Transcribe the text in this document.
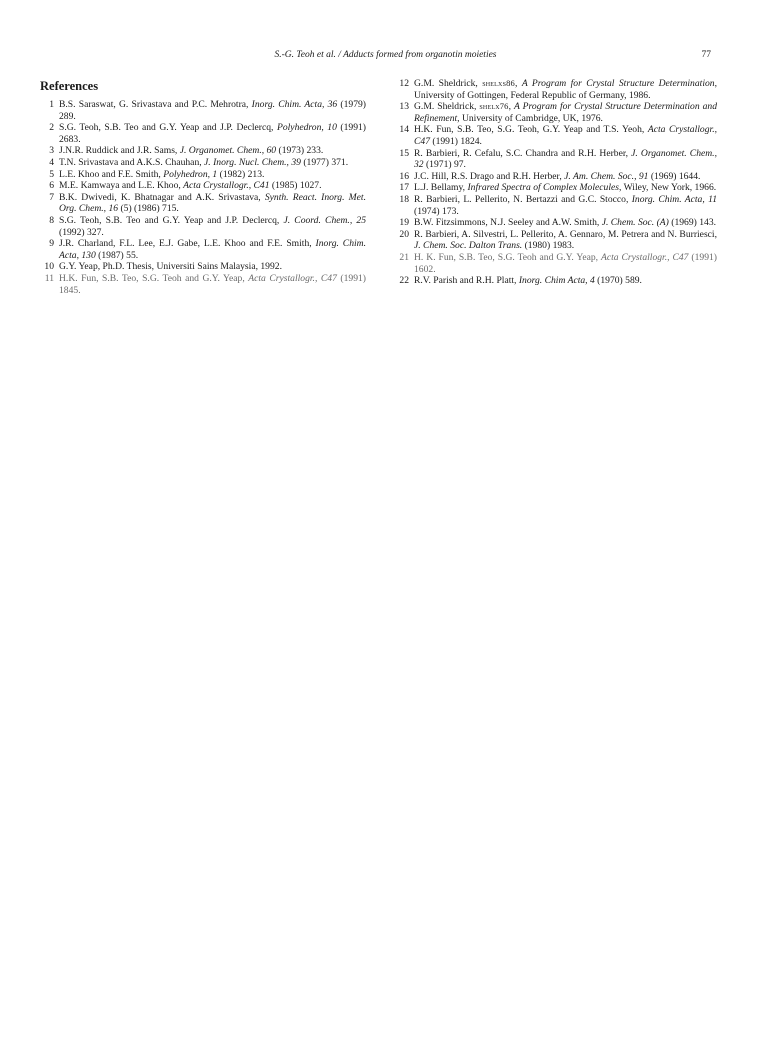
S.-G. Teoh et al. / Adducts formed from organotin moieties	77
References
1 B.S. Saraswat, G. Srivastava and P.C. Mehrotra, Inorg. Chim. Acta, 36 (1979) 289.
2 S.G. Teoh, S.B. Teo and G.Y. Yeap and J.P. Declercq, Polyhedron, 10 (1991) 2683.
3 J.N.R. Ruddick and J.R. Sams, J. Organomet. Chem., 60 (1973) 233.
4 T.N. Srivastava and A.K.S. Chauhan, J. Inorg. Nucl. Chem., 39 (1977) 371.
5 L.E. Khoo and F.E. Smith, Polyhedron, 1 (1982) 213.
6 M.E. Kamwaya and L.E. Khoo, Acta Crystallogr., C41 (1985) 1027.
7 B.K. Dwivedi, K. Bhatnagar and A.K. Srivastava, Synth. React. Inorg. Met. Org. Chem., 16 (5) (1986) 715.
8 S.G. Teoh, S.B. Teo and G.Y. Yeap and J.P. Declercq, J. Coord. Chem., 25 (1992) 327.
9 J.R. Charland, F.L. Lee, E.J. Gabe, L.E. Khoo and F.E. Smith, Inorg. Chim. Acta, 130 (1987) 55.
10 G.Y. Yeap, Ph.D. Thesis, Universiti Sains Malaysia, 1992.
11 H.K. Fun, S.B. Teo, S.G. Teoh and G.Y. Yeap, Acta Crystallogr., C47 (1991) 1845.
12 G.M. Sheldrick, shelxs86, A Program for Crystal Structure Determination, University of Gottingen, Federal Republic of Germany, 1986.
13 G.M. Sheldrick, shelx76, A Program for Crystal Structure Determination and Refinement, University of Cambridge, UK, 1976.
14 H.K. Fun, S.B. Teo, S.G. Teoh, G.Y. Yeap and T.S. Yeoh, Acta Crystallogr., C47 (1991) 1824.
15 R. Barbieri, R. Cefalu, S.C. Chandra and R.H. Herber, J. Organomet. Chem., 32 (1971) 97.
16 J.C. Hill, R.S. Drago and R.H. Herber, J. Am. Chem. Soc., 91 (1969) 1644.
17 L.J. Bellamy, Infrared Spectra of Complex Molecules, Wiley, New York, 1966.
18 R. Barbieri, L. Pellerito, N. Bertazzi and G.C. Stocco, Inorg. Chim. Acta, 11 (1974) 173.
19 B.W. Fitzsimmons, N.J. Seeley and A.W. Smith, J. Chem. Soc. (A) (1969) 143.
20 R. Barbieri, A. Silvestri, L. Pellerito, A. Gennaro, M. Petrera and N. Burriesci, J. Chem. Soc. Dalton Trans. (1980) 1983.
21 H. K. Fun, S.B. Teo, S.G. Teoh and G.Y. Yeap, Acta Crystallogr., C47 (1991) 1602.
22 R.V. Parish and R.H. Platt, Inorg. Chim Acta, 4 (1970) 589.
